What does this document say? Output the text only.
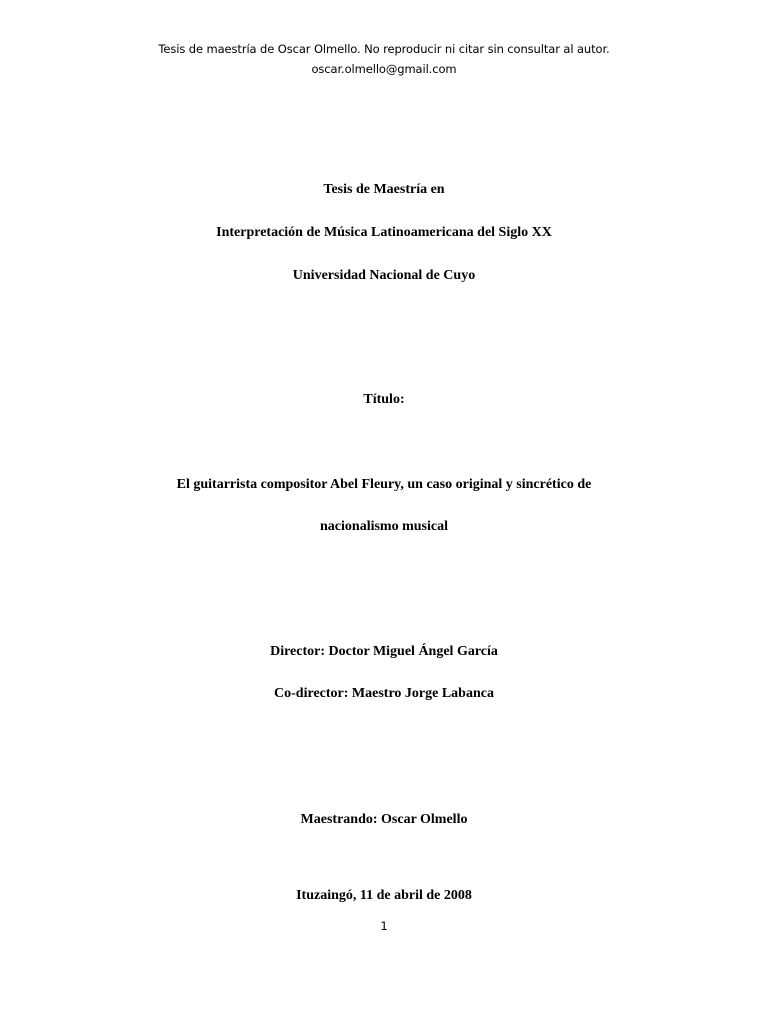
Tesis de maestría de Oscar Olmello. No reproducir ni citar sin consultar al autor.
oscar.olmello@gmail.com
Tesis de Maestría en
Interpretación de Música Latinoamericana del Siglo XX
Universidad Nacional de Cuyo
Título:
El guitarrista compositor Abel Fleury, un caso original y sincrético de
nacionalismo musical
Director: Doctor Miguel Ángel García
Co-director: Maestro Jorge Labanca
Maestrando: Oscar Olmello
Ituzaingó, 11 de abril de 2008
1
